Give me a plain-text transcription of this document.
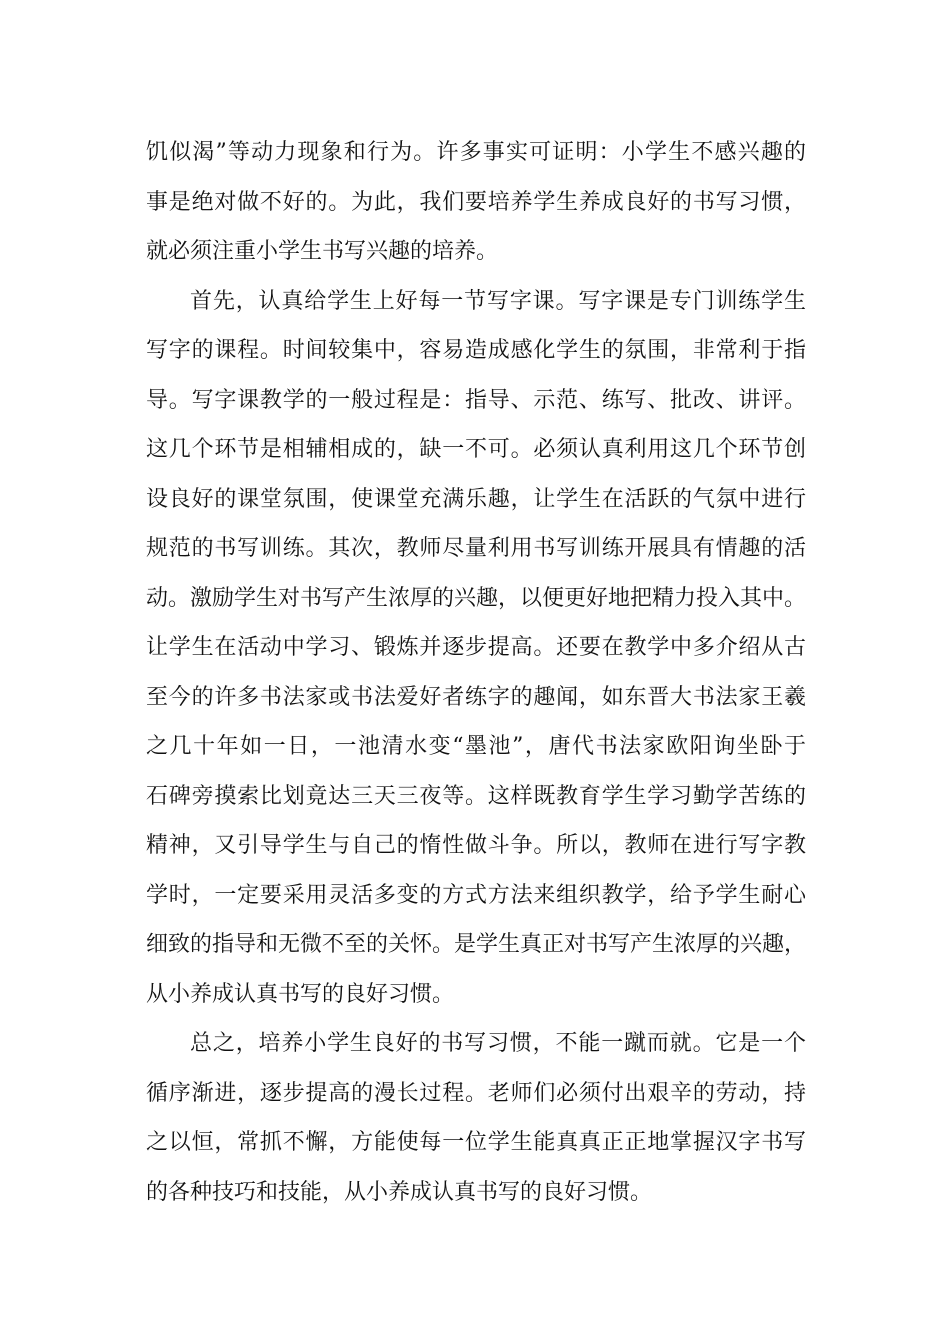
饥似渴”等动力现象和行为。许多事实可证明：小学生不感兴趣的
事是绝对做不好的。为此，我们要培养学生养成良好的书写习惯，
就必须注重小学生书写兴趣的培养。
首先，认真给学生上好每一节写字课。写字课是专门训练学生
写字的课程。时间较集中，容易造成感化学生的氛围，非常利于指
导。写字课教学的一般过程是：指导、示范、练写、批改、讲评。
这几个环节是相辅相成的，缺一不可。必须认真利用这几个环节创
设良好的课堂氛围，使课堂充满乐趣，让学生在活跃的气氛中进行
规范的书写训练。其次，教师尽量利用书写训练开展具有情趣的活
动。激励学生对书写产生浓厚的兴趣，以便更好地把精力投入其中。
让学生在活动中学习、锻炼并逐步提高。还要在教学中多介绍从古
至今的许多书法家或书法爱好者练字的趣闻，如东晋大书法家王羲
之几十年如一日，一池清水变“墨池”，唐代书法家欧阳询坐卧于
石碑旁摸索比划竟达三天三夜等。这样既教育学生学习勤学苦练的
精神，又引导学生与自己的惰性做斗争。所以，教师在进行写字教
学时，一定要采用灵活多变的方式方法来组织教学，给予学生耐心
细致的指导和无微不至的关怀。是学生真正对书写产生浓厚的兴趣，
从小养成认真书写的良好习惯。
总之，培养小学生良好的书写习惯，不能一蹴而就。它是一个
循序渐进，逐步提高的漫长过程。老师们必须付出艰辛的劳动，持
之以恒，常抓不懈，方能使每一位学生能真真正正地掌握汉字书写
的各种技巧和技能，从小养成认真书写的良好习惯。
